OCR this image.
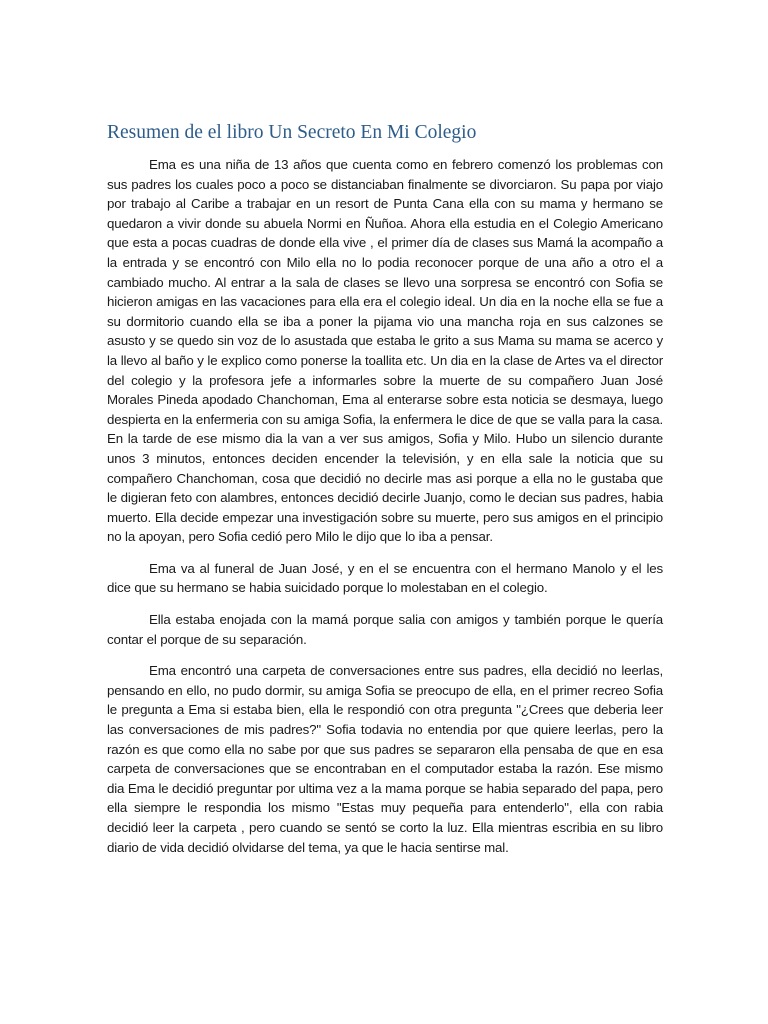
Resumen de el libro Un Secreto En Mi Colegio

Ema es una niña de 13 años que cuenta como en febrero comenzó los problemas con sus padres los cuales poco a poco se distanciaban finalmente se divorciaron. Su papa por viajo por trabajo al Caribe a trabajar en un resort de Punta Cana ella con su mama y hermano se quedaron a vivir donde su abuela Normi en Ñuñoa. Ahora ella estudia en el Colegio Americano que esta a pocas cuadras de donde ella vive , el primer día de clases sus Mamá la acompaño a la entrada y se encontró con Milo ella no lo podia reconocer porque de una año a otro el a cambiado mucho. Al entrar a la sala de clases se llevo una sorpresa se encontró con Sofia se hicieron amigas en las vacaciones para ella era el colegio ideal. Un dia en la noche ella se fue a su dormitorio cuando ella se iba a poner la pijama vio una mancha roja en sus calzones se asusto y se quedo sin voz de lo asustada que estaba le grito a sus Mama su mama se acerco y la llevo al baño y le explico como ponerse la toallita etc. Un dia en la clase de Artes va el director del colegio y la profesora jefe a informarles sobre la muerte de su compañero Juan José Morales Pineda apodado Chanchoman, Ema al enterarse sobre esta noticia se desmaya, luego despierta en la enfermeria con su amiga Sofia, la enfermera le dice de que se valla para la casa. En la tarde de ese mismo dia la van a ver sus amigos, Sofia y Milo. Hubo un silencio durante unos 3 minutos, entonces deciden encender la televisión, y en ella sale la noticia que su compañero Chanchoman, cosa que decidió no decirle mas asi porque a ella no le gustaba que le digieran feto con alambres, entonces decidió decirle Juanjo, como le decian sus padres, habia muerto. Ella decide empezar una investigación sobre su muerte, pero sus amigos en el principio no la apoyan, pero Sofia cedió pero Milo le dijo que lo iba a pensar.

Ema va al funeral de Juan José, y en el se encuentra con el hermano Manolo y el les dice que su hermano se habia suicidado porque lo molestaban en el colegio.

Ella estaba enojada con la mamá porque salia con amigos y también porque le quería contar el porque de su separación.

Ema encontró una carpeta de conversaciones entre sus padres, ella decidió no leerlas, pensando en ello, no pudo dormir, su amiga Sofia se preocupo de ella, en el primer recreo Sofia le pregunta a Ema si estaba bien, ella le respondió con otra pregunta "¿Crees que deberia leer las conversaciones de mis padres?" Sofia todavia no entendia por que quiere leerlas, pero la razón es que como ella no sabe por que sus padres se separaron ella pensaba de que en esa carpeta de conversaciones que se encontraban en el computador estaba la razón. Ese mismo dia Ema le decidió preguntar por ultima vez a la mama porque se habia separado del papa, pero ella siempre le respondia los mismo "Estas muy pequeña para entenderlo", ella con rabia decidió leer la carpeta , pero cuando se sentó se corto la luz. Ella mientras escribia en su libro diario de vida decidió olvidarse del tema, ya que le hacia sentirse mal.
